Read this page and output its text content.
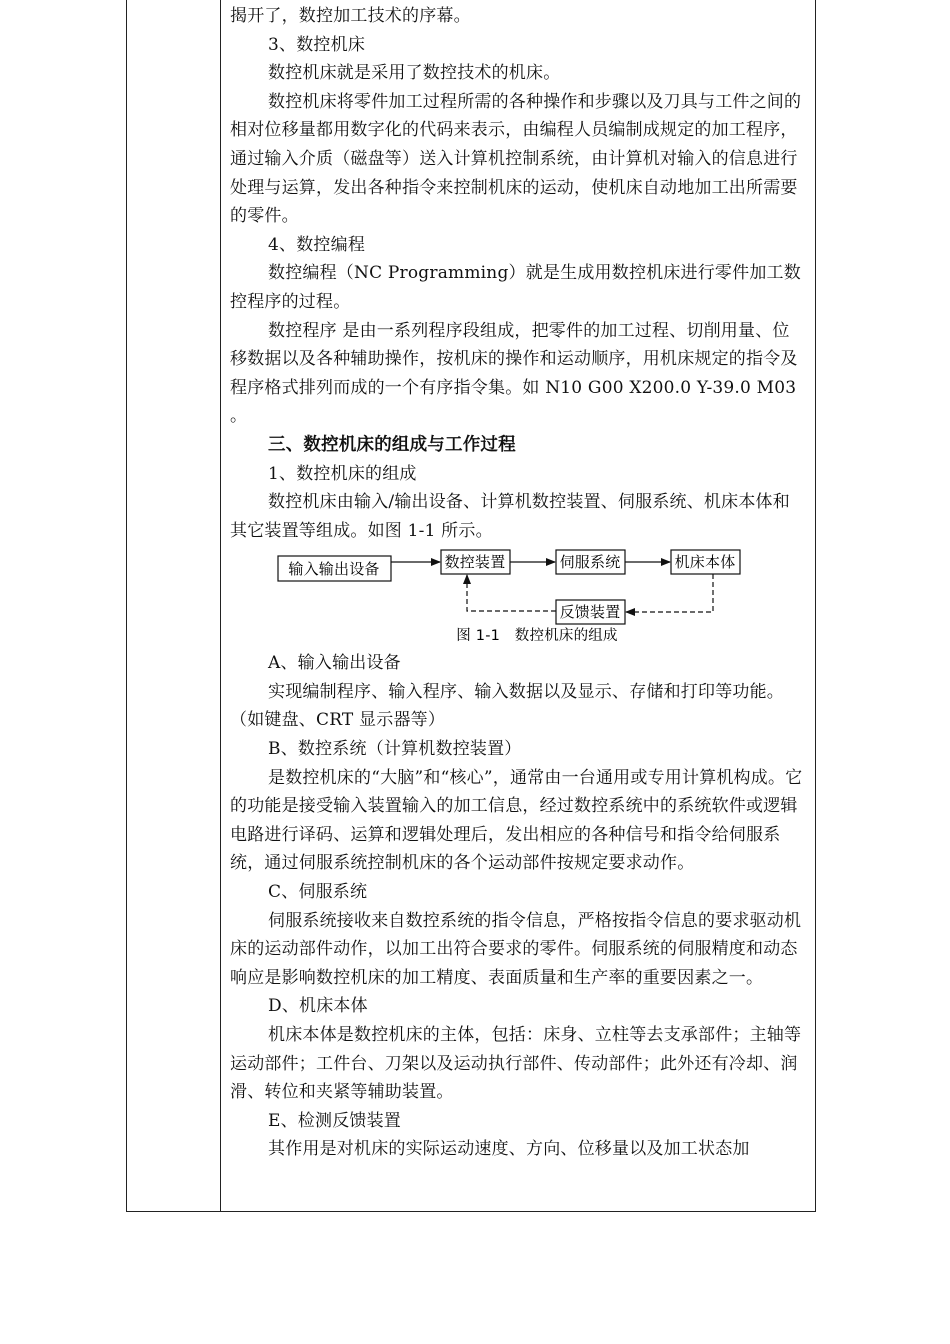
揭开了，数控加工技术的序幕。

3、数控机床

数控机床就是采用了数控技术的机床。

数控机床将零件加工过程所需的各种操作和步骤以及刀具与工件之间的相对位移量都用数字化的代码来表示，由编程人员编制成规定的加工程序，通过输入介质（磁盘等）送入计算机控制系统，由计算机对输入的信息进行处理与运算，发出各种指令来控制机床的运动，使机床自动地加工出所需要的零件。

4、数控编程

数控编程（NC Programming）就是生成用数控机床进行零件加工数控程序的过程。

数控程序 是由一系列程序段组成，把零件的加工过程、切削用量、位移数据以及各种辅助操作，按机床的操作和运动顺序，用机床规定的指令及程序格式排列而成的一个有序指令集。如 N10 G00 X200.0 Y-39.0 M03 。

三、数控机床的组成与工作过程

1、数控机床的组成

数控机床由输入/输出设备、计算机数控装置、伺服系统、机床本体和其它装置等组成。如图 1-1 所示。

输入输出设备	数控装置	伺服系统	机床本体
反馈装置
图 1-1　数控机床的组成

A、输入输出设备

实现编制程序、输入程序、输入数据以及显示、存储和打印等功能。（如键盘、CRT 显示器等）

B、数控系统（计算机数控装置）

是数控机床的“大脑”和“核心”，通常由一台通用或专用计算机构成。它的功能是接受输入装置输入的加工信息，经过数控系统中的系统软件或逻辑电路进行译码、运算和逻辑处理后，发出相应的各种信号和指令给伺服系统，通过伺服系统控制机床的各个运动部件按规定要求动作。

C、伺服系统

伺服系统接收来自数控系统的指令信息，严格按指令信息的要求驱动机床的运动部件动作，以加工出符合要求的零件。伺服系统的伺服精度和动态响应是影响数控机床的加工精度、表面质量和生产率的重要因素之一。

D、机床本体

机床本体是数控机床的主体，包括：床身、立柱等去支承部件；主轴等运动部件；工件台、刀架以及运动执行部件、传动部件；此外还有冷却、润滑、转位和夹紧等辅助装置。

E、检测反馈装置

其作用是对机床的实际运动速度、方向、位移量以及加工状态加
